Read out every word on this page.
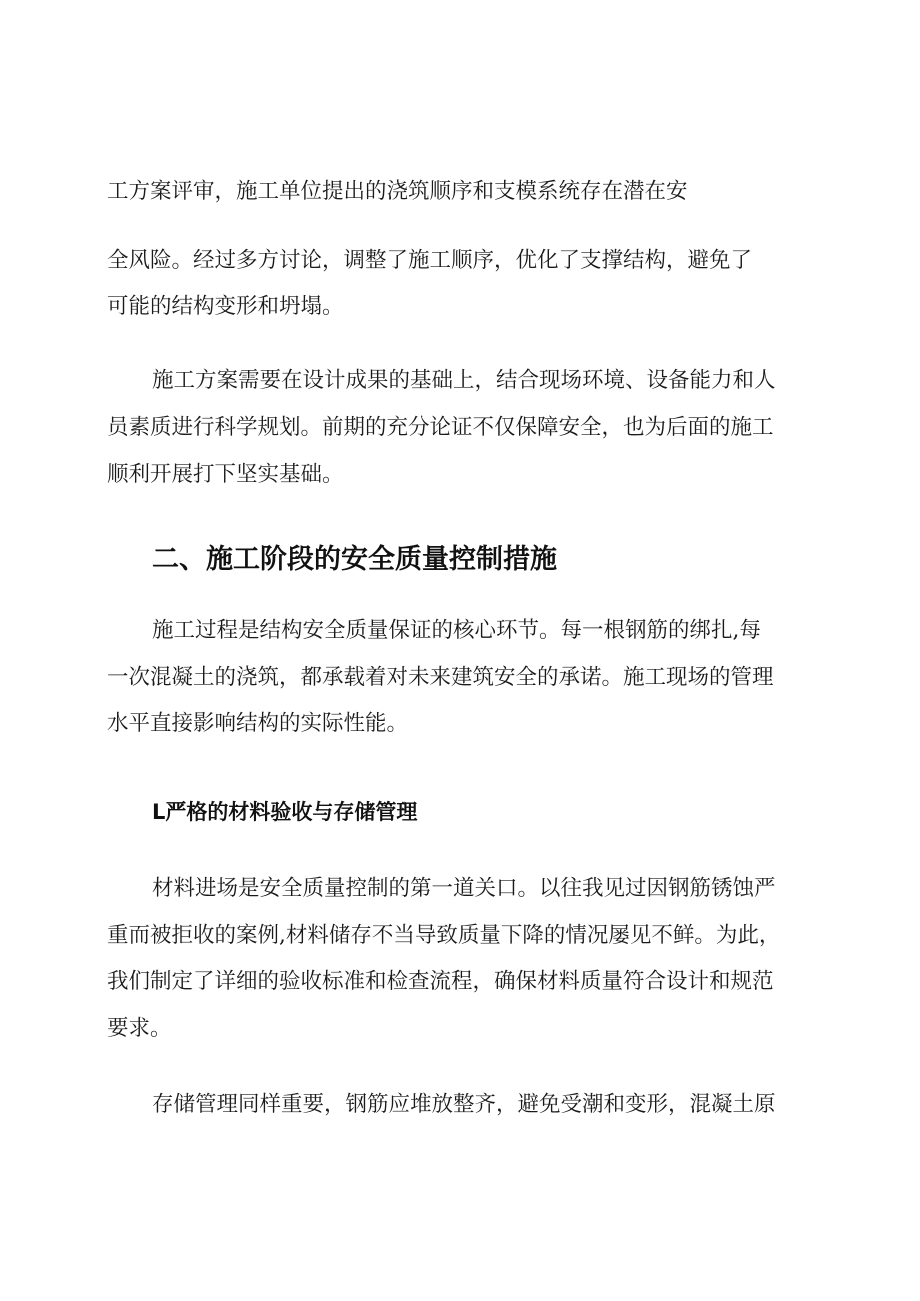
工方案评审，施工单位提出的浇筑顺序和支模系统存在潜在安

全风险。经过多方讨论，调整了施工顺序，优化了支撑结构，避免了

可能的结构变形和坍塌。

施工方案需要在设计成果的基础上，结合现场环境、设备能力和人

员素质进行科学规划。前期的充分论证不仅保障安全，也为后面的施工

顺利开展打下坚实基础。

二、施工阶段的安全质量控制措施

施工过程是结构安全质量保证的核心环节。每一根钢筋的绑扎,每

一次混凝土的浇筑，都承载着对未来建筑安全的承诺。施工现场的管理

水平直接影响结构的实际性能。

L严格的材料验收与存储管理

材料进场是安全质量控制的第一道关口。以往我见过因钢筋锈蚀严

重而被拒收的案例,材料储存不当导致质量下降的情况屡见不鲜。为此，

我们制定了详细的验收标准和检查流程，确保材料质量符合设计和规范

要求。

存储管理同样重要，钢筋应堆放整齐，避免受潮和变形，混凝土原
